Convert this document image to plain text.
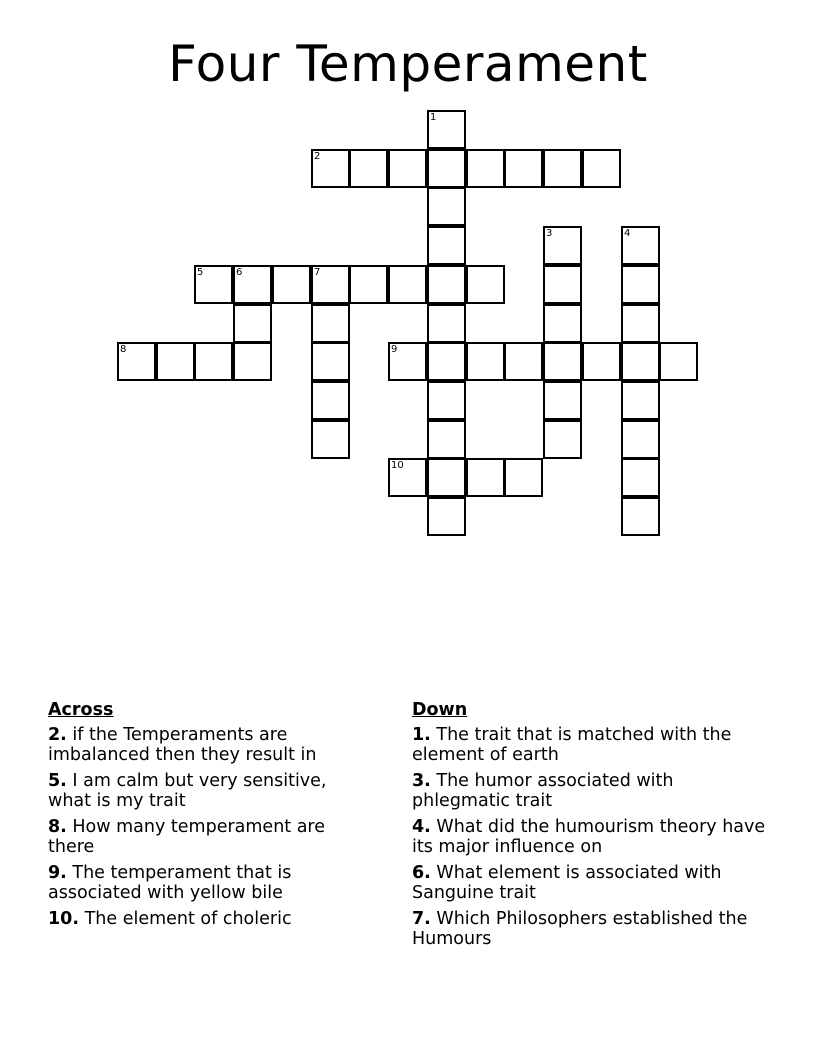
Four Temperament
1
2
3	4
5	6	7
8	9
10
Across
2. if the Temperaments are imbalanced then they result in
5. I am calm but very sensitive, what is my trait
8. How many temperament are there
9. The temperament that is associated with yellow bile
10. The element of choleric
Down
1. The trait that is matched with the element of earth
3. The humor associated with phlegmatic trait
4. What did the humourism theory have its major influence on
6. What element is associated with Sanguine trait
7. Which Philosophers established the Humours
